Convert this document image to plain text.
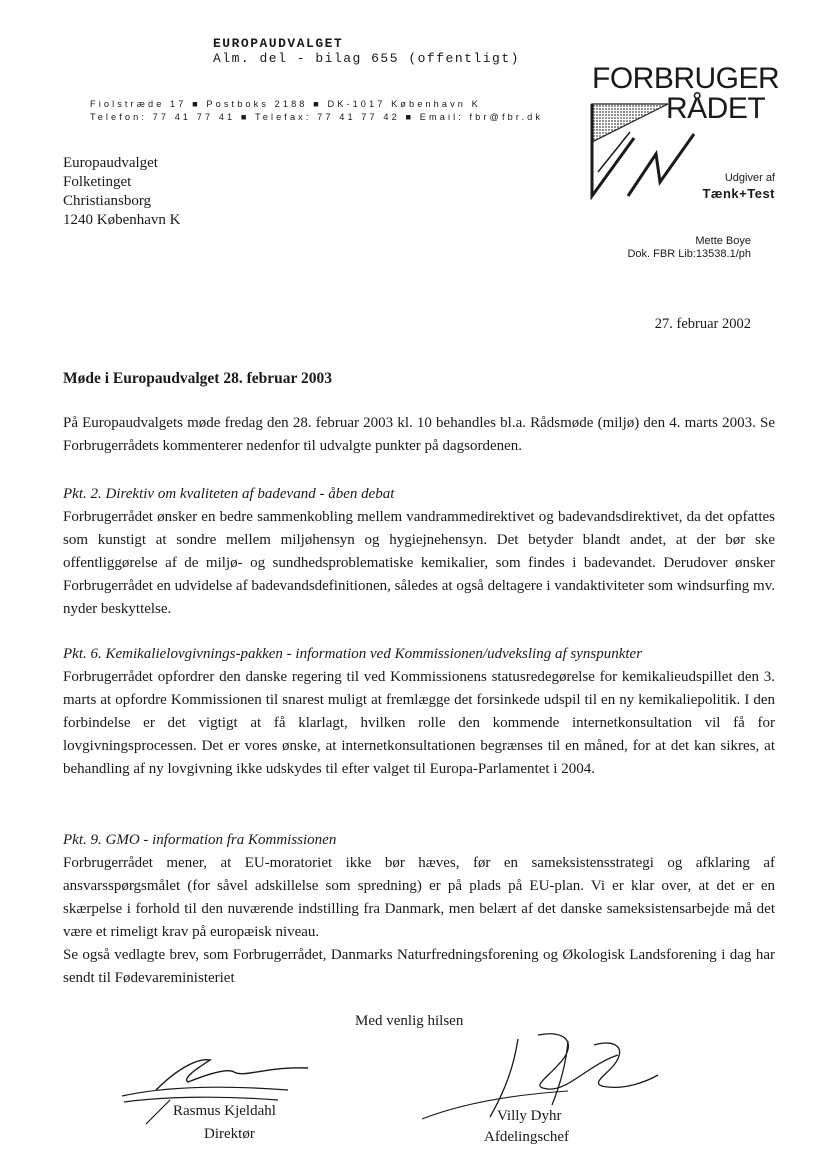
EUROPAUDVALGET
Alm. del - bilag 655 (offentligt)
Fiolstræde 17 ■ Postboks 2188 ■ DK-1017 København K
Telefon: 77 41 77 41 ■ Telefax: 77 41 77 42 ■ Email: fbr@fbr.dk
FORBRUGER
RÅDET
Udgiver af
Tænk+Test
Europaudvalget
Folketinget
Christiansborg
1240 København K
Mette Boye
Dok. FBR Lib:13538.1/ph
27. februar 2002
Møde i Europaudvalget 28. februar 2003
På Europaudvalgets møde fredag den 28. februar 2003 kl. 10 behandles bl.a. Rådsmøde (miljø) den 4. marts 2003. Se Forbrugerrådets kommenterer nedenfor til udvalgte punkter på dagsordenen.
Pkt. 2. Direktiv om kvaliteten af badevand - åben debat
Forbrugerrådet ønsker en bedre sammenkobling mellem vandrammedirektivet og badevandsdirektivet, da det opfattes som kunstigt at sondre mellem miljøhensyn og hygiejnehensyn. Det betyder blandt andet, at der bør ske offentliggørelse af de miljø- og sundhedsproblematiske kemikalier, som findes i badevandet. Derudover ønsker Forbrugerrådet en udvidelse af badevandsdefinitionen, således at også deltagere i vandaktiviteter som windsurfing mv. nyder beskyttelse.
Pkt. 6. Kemikalielovgivnings-pakken - information ved Kommissionen/udveksling af synspunkter
Forbrugerrådet opfordrer den danske regering til ved Kommissionens statusredegørelse for kemikalieudspillet den 3. marts at opfordre Kommissionen til snarest muligt at fremlægge det forsinkede udspil til en ny kemikaliepolitik. I den forbindelse er det vigtigt at få klarlagt, hvilken rolle den kommende internetkonsultation vil få for lovgivningsprocessen. Det er vores ønske, at internetkonsultationen begrænses til en måned, for at det kan sikres, at behandling af ny lovgivning ikke udskydes til efter valget til Europa-Parlamentet i 2004.
Pkt. 9. GMO - information fra Kommissionen
Forbrugerrådet mener, at EU-moratoriet ikke bør hæves, før en sameksistensstrategi og afklaring af ansvarsspørgsmålet (for såvel adskillelse som spredning) er på plads på EU-plan. Vi er klar over, at det er en skærpelse i forhold til den nuværende indstilling fra Danmark, men belært af det danske sameksistensarbejde må det være et rimeligt krav på europæisk niveau.
Se også vedlagte brev, som Forbrugerrådet, Danmarks Naturfredningsforening og Økologisk Landsforening i dag har sendt til Fødevareministeriet
Med venlig hilsen
Rasmus Kjeldahl
Direktør
Villy Dyhr
Afdelingschef
